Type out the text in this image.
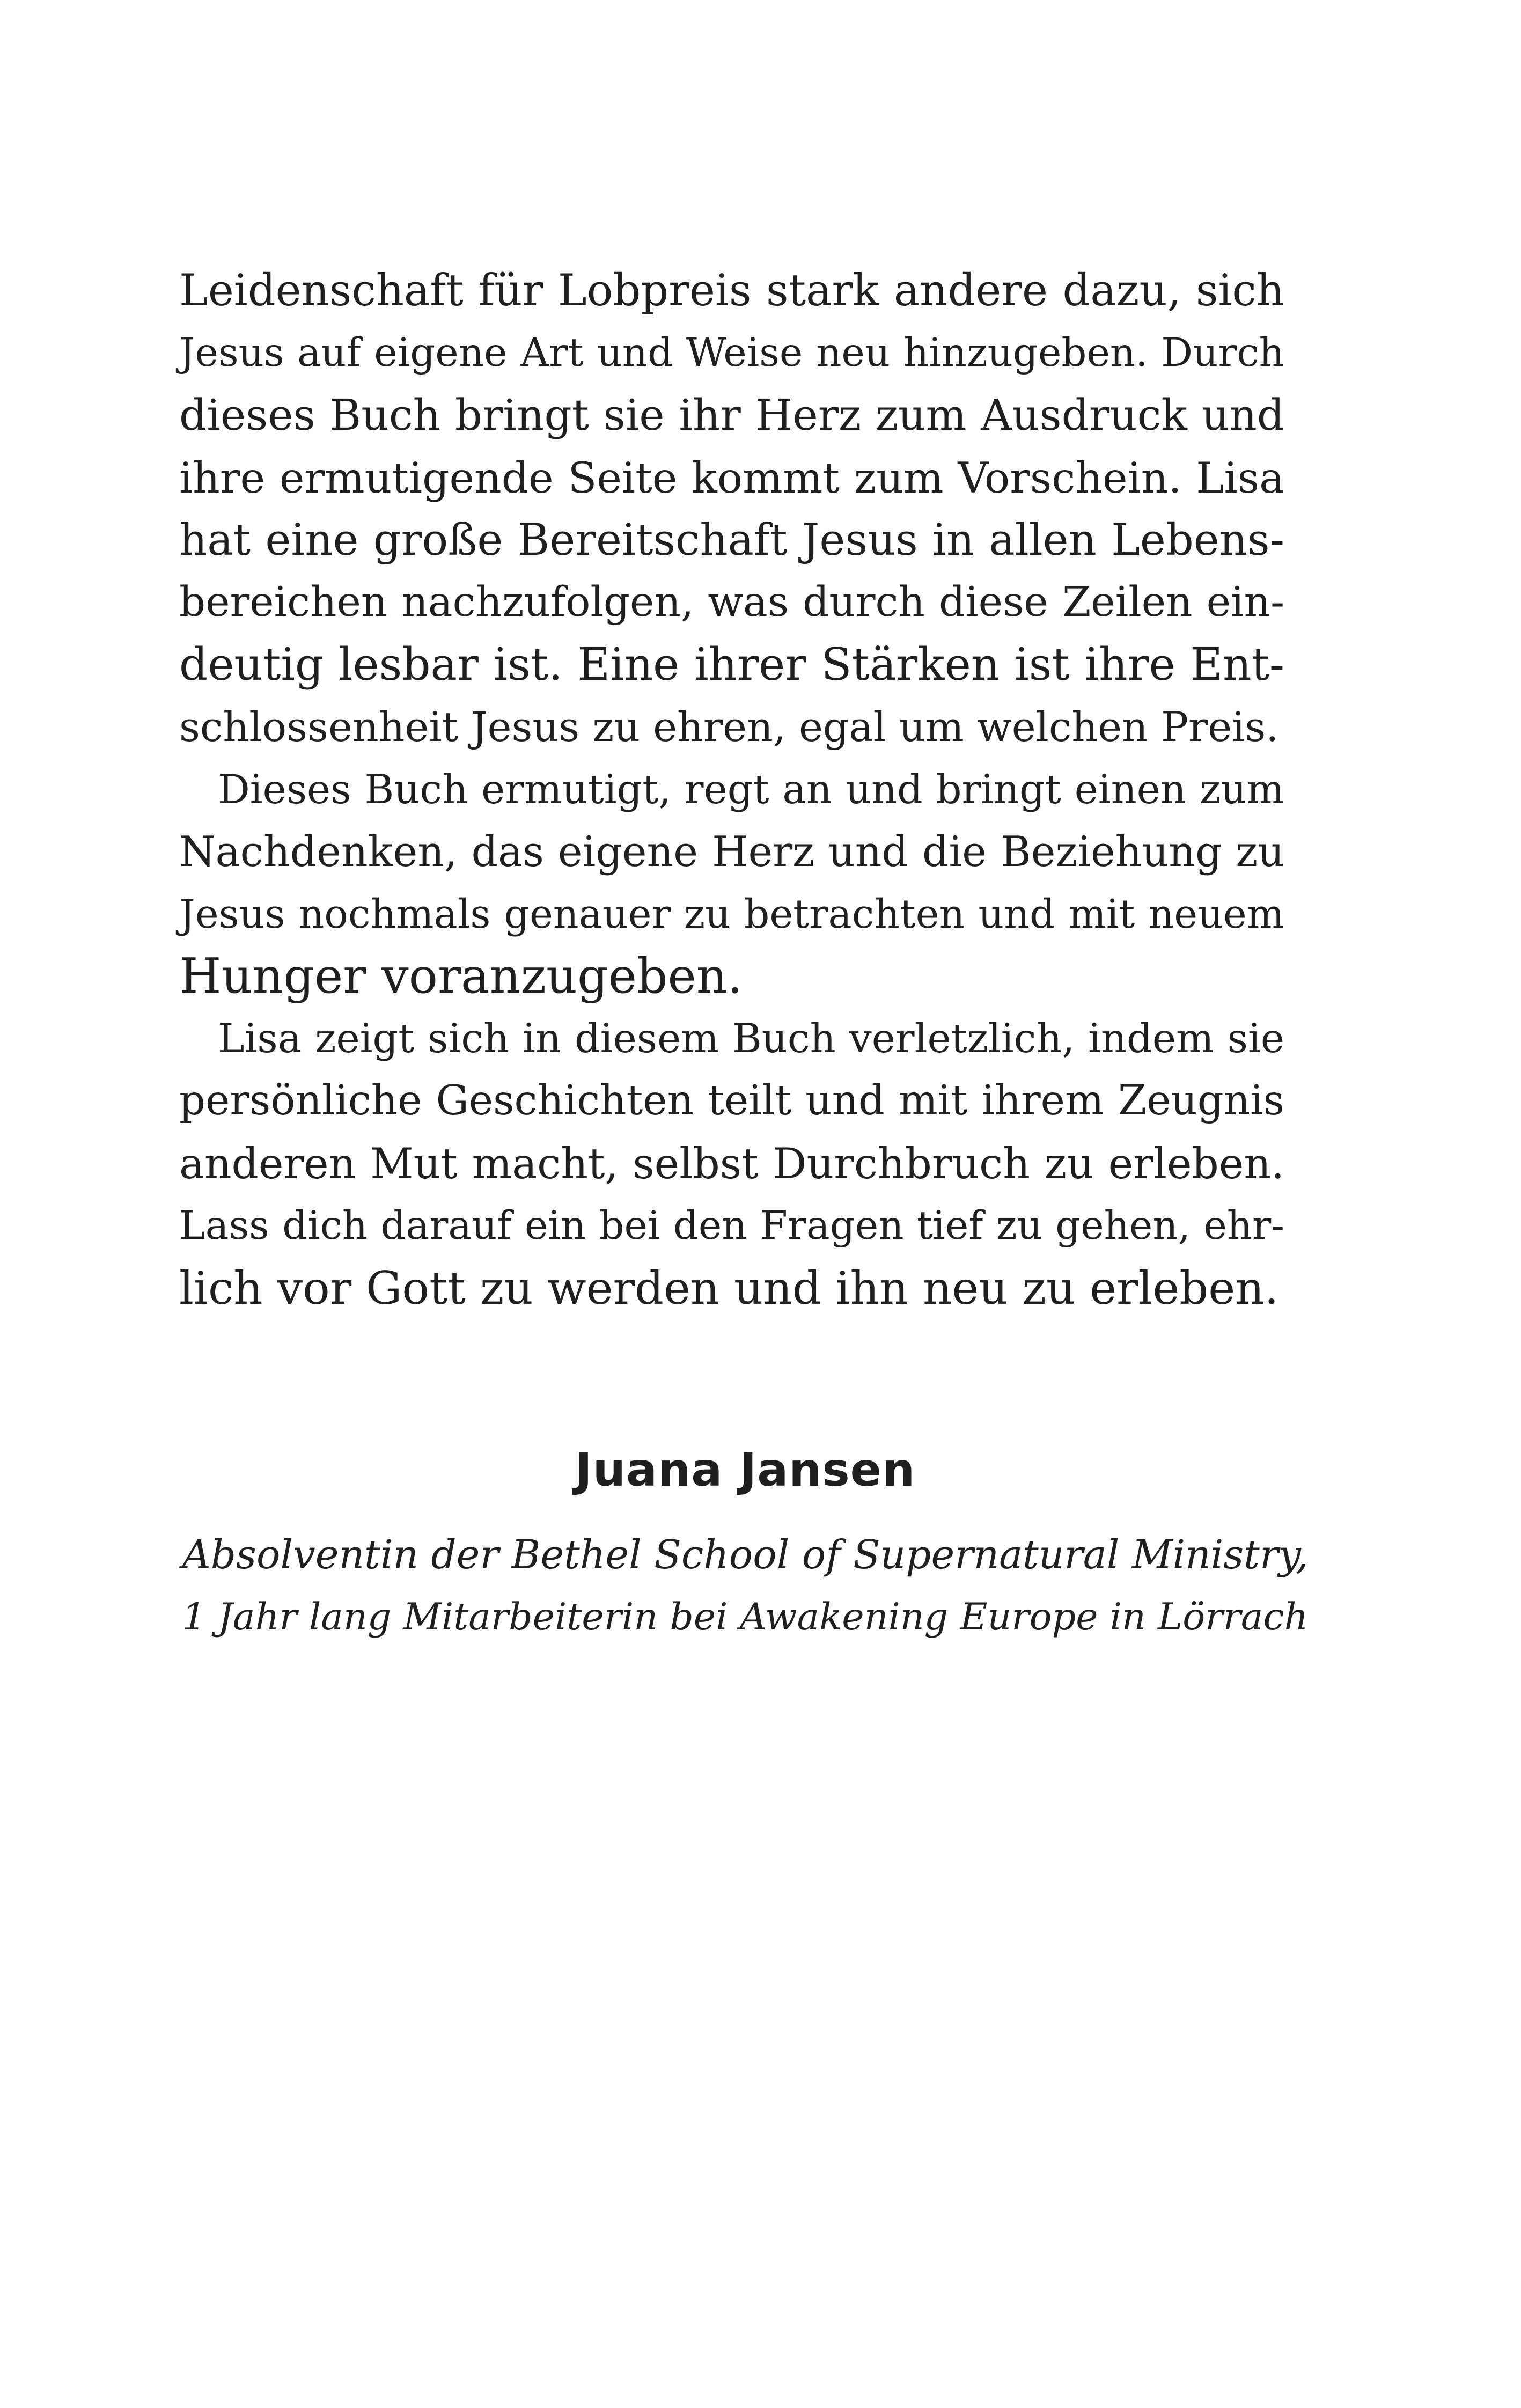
Leidenschaft für Lobpreis stark andere dazu, sich
Jesus auf eigene Art und Weise neu hinzugeben. Durch
dieses Buch bringt sie ihr Herz zum Ausdruck und
ihre ermutigende Seite kommt zum Vorschein. Lisa
hat eine große Bereitschaft Jesus in allen Lebens-
bereichen nachzufolgen, was durch diese Zeilen ein-
deutig lesbar ist. Eine ihrer Stärken ist ihre Ent-
schlossenheit Jesus zu ehren, egal um welchen Preis.
Dieses Buch ermutigt, regt an und bringt einen zum
Nachdenken, das eigene Herz und die Beziehung zu
Jesus nochmals genauer zu betrachten und mit neuem
Hunger voranzugeben.
Lisa zeigt sich in diesem Buch verletzlich, indem sie
persönliche Geschichten teilt und mit ihrem Zeugnis
anderen Mut macht, selbst Durchbruch zu erleben.
Lass dich darauf ein bei den Fragen tief zu gehen, ehr-
lich vor Gott zu werden und ihn neu zu erleben.

Juana Jansen

Absolventin der Bethel School of Supernatural Ministry,

1 Jahr lang Mitarbeiterin bei Awakening Europe in Lörrach
